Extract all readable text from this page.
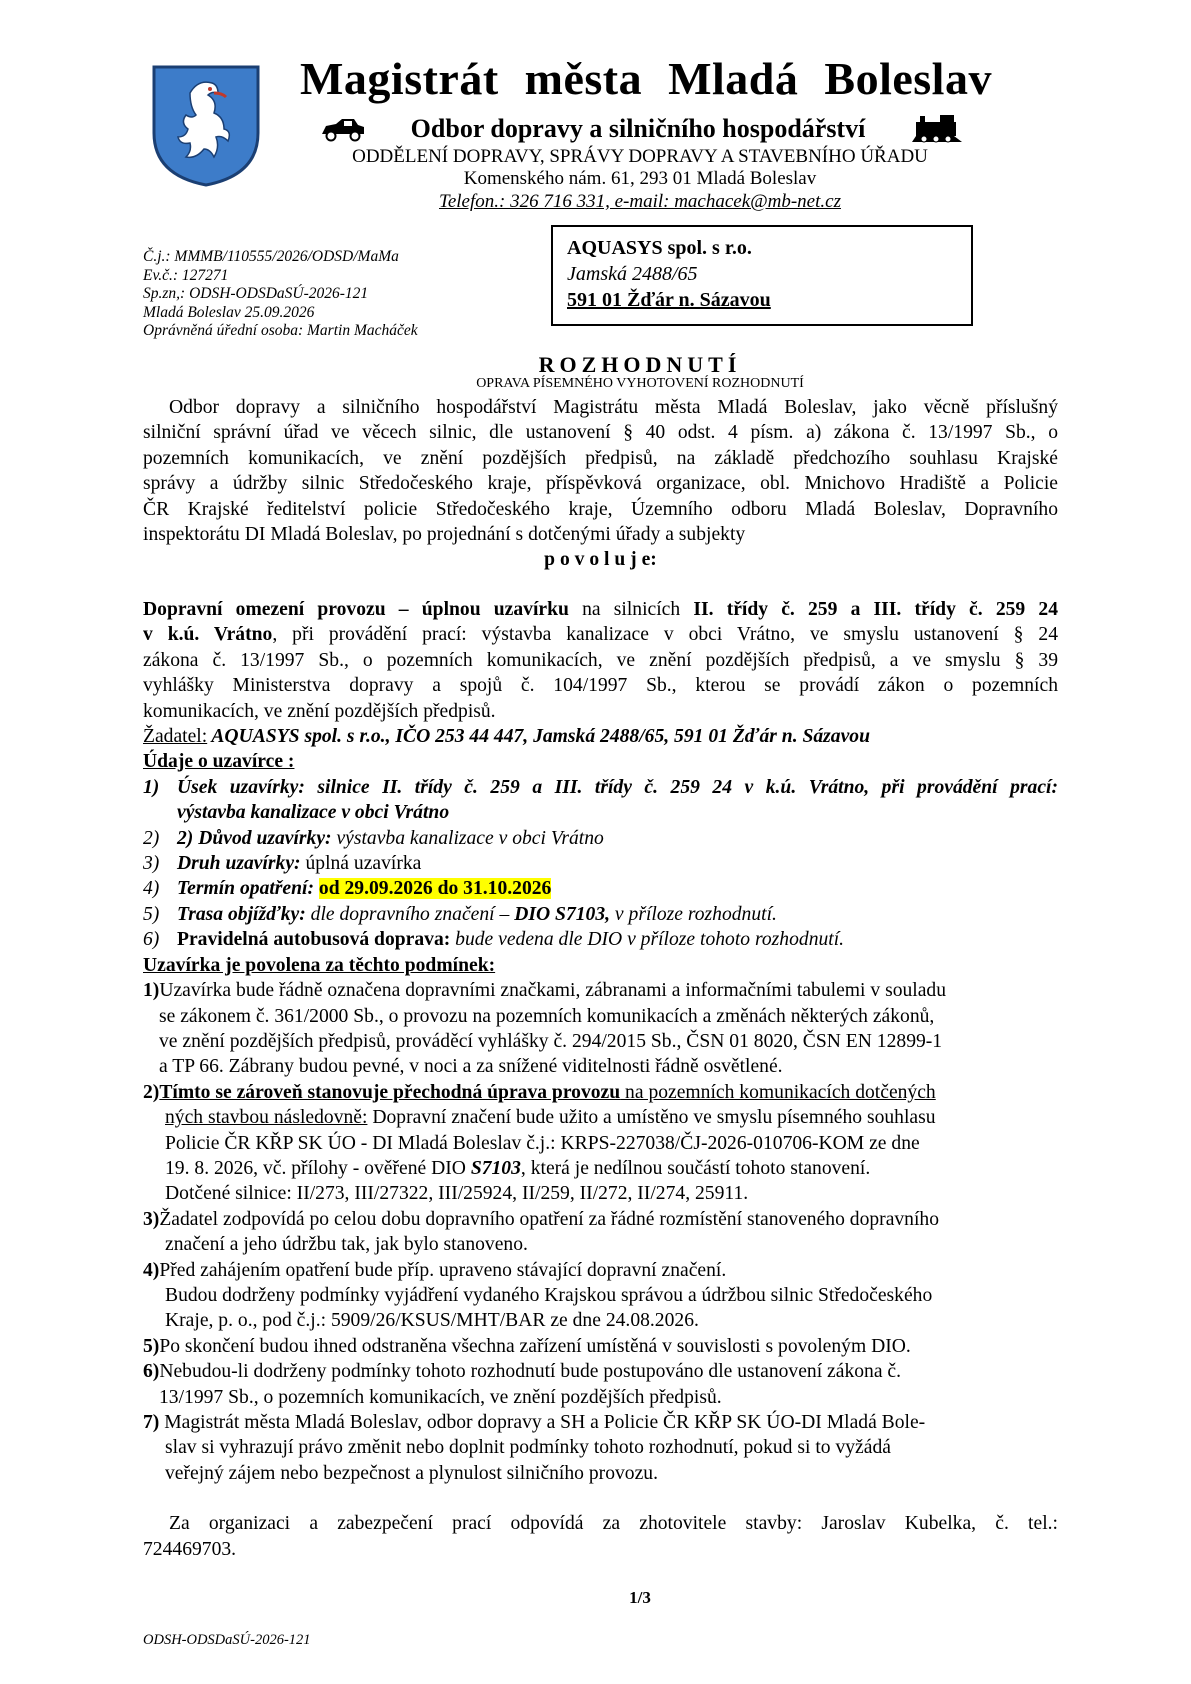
Magistrát města Mladá Boleslav
Odbor dopravy a silničního hospodářství
ODDĚLENÍ DOPRAVY, SPRÁVY DOPRAVY A STAVEBNÍHO ÚŘADU
Komenského nám. 61, 293 01 Mladá Boleslav
Telefon.: 326 716 331, e-mail: machacek@mb-net.cz
Č.j.: MMMB/110555/2026/ODSD/MaMa
Ev.č.: 127271
Sp.zn,: ODSH-ODSDaSÚ-2026-121
Mladá Boleslav 25.09.2026
Oprávněná úřední osoba: Martin Macháček
AQUASYS spol. s r.o.
Jamská 2488/65
591 01 Žďár n. Sázavou
ROZHODNUTÍ
OPRAVA PÍSEMNÉHO VYHOTOVENÍ ROZHODNUTÍ
Odbor dopravy a silničního hospodářství Magistrátu města Mladá Boleslav, jako věcně příslušný
silniční správní úřad ve věcech silnic, dle ustanovení § 40 odst. 4 písm. a) zákona č. 13/1997 Sb., o
pozemních komunikacích, ve znění pozdějších předpisů, na základě předchozího souhlasu Krajské
správy a údržby silnic Středočeského kraje, příspěvková organizace, obl. Mnichovo Hradiště a Policie
ČR Krajské ředitelství policie Středočeského kraje, Územního odboru Mladá Boleslav, Dopravního
inspektorátu DI Mladá Boleslav, po projednání s dotčenými úřady a subjekty
p o v o l u j e:
Dopravní omezení provozu – úplnou uzavírku na silnicích II. třídy č. 259 a III. třídy č. 259 24
v k.ú. Vrátno, při provádění prací: výstavba kanalizace v obci Vrátno, ve smyslu ustanovení § 24
zákona č. 13/1997 Sb., o pozemních komunikacích, ve znění pozdějších předpisů, a ve smyslu § 39
vyhlášky Ministerstva dopravy a spojů č. 104/1997 Sb., kterou se provádí zákon o pozemních
komunikacích, ve znění pozdějších předpisů.
Žadatel: AQUASYS spol. s r.o., IČO 253 44 447, Jamská 2488/65, 591 01 Žďár n. Sázavou
Údaje o uzavírce :
1) Úsek uzavírky: silnice II. třídy č. 259 a III. třídy č. 259 24 v k.ú. Vrátno, při provádění prací:
výstavba kanalizace v obci Vrátno
2) 2) Důvod uzavírky: výstavba kanalizace v obci Vrátno
3) Druh uzavírky: úplná uzavírka
4) Termín opatření: od 29.09.2026 do 31.10.2026
5) Trasa objížďky: dle dopravního značení – DIO S7103, v příloze rozhodnutí.
6) Pravidelná autobusová doprava: bude vedena dle DIO v příloze tohoto rozhodnutí.
Uzavírka je povolena za těchto podmínek:
1)Uzavírka bude řádně označena dopravními značkami, zábranami a informačními tabulemi v souladu
se zákonem č. 361/2000 Sb., o provozu na pozemních komunikacích a změnách některých zákonů,
ve znění pozdějších předpisů, prováděcí vyhlášky č. 294/2015 Sb., ČSN 01 8020, ČSN EN 12899-1
a TP 66. Zábrany budou pevné, v noci a za snížené viditelnosti řádně osvětlené.
2)Tímto se zároveň stanovuje přechodná úprava provozu na pozemních komunikacích dotčených
ných stavbou následovně: Dopravní značení bude užito a umístěno ve smyslu písemného souhlasu
Policie ČR KŘP SK ÚO - DI Mladá Boleslav č.j.: KRPS-227038/ČJ-2026-010706-KOM ze dne
19. 8. 2026, vč. přílohy - ověřené DIO S7103, která je nedílnou součástí tohoto stanovení.
Dotčené silnice: II/273, III/27322, III/25924, II/259, II/272, II/274, 25911.
3)Žadatel zodpovídá po celou dobu dopravního opatření za řádné rozmístění stanoveného dopravního
značení a jeho údržbu tak, jak bylo stanoveno.
4)Před zahájením opatření bude příp. upraveno stávající dopravní značení.
Budou dodrženy podmínky vyjádření vydaného Krajskou správou a údržbou silnic Středočeského
Kraje, p. o., pod č.j.: 5909/26/KSUS/MHT/BAR ze dne 24.08.2026.
5)Po skončení budou ihned odstraněna všechna zařízení umístěná v souvislosti s povoleným DIO.
6)Nebudou-li dodrženy podmínky tohoto rozhodnutí bude postupováno dle ustanovení zákona č.
13/1997 Sb., o pozemních komunikacích, ve znění pozdějších předpisů.
7) Magistrát města Mladá Boleslav, odbor dopravy a SH a Policie ČR KŘP SK ÚO-DI Mladá Bole-
slav si vyhrazují právo změnit nebo doplnit podmínky tohoto rozhodnutí, pokud si to vyžádá
veřejný zájem nebo bezpečnost a plynulost silničního provozu.
Za organizaci a zabezpečení prací odpovídá za zhotovitele stavby: Jaroslav Kubelka, č. tel.:
724469703.
1/3
ODSH-ODSDaSÚ-2026-121
